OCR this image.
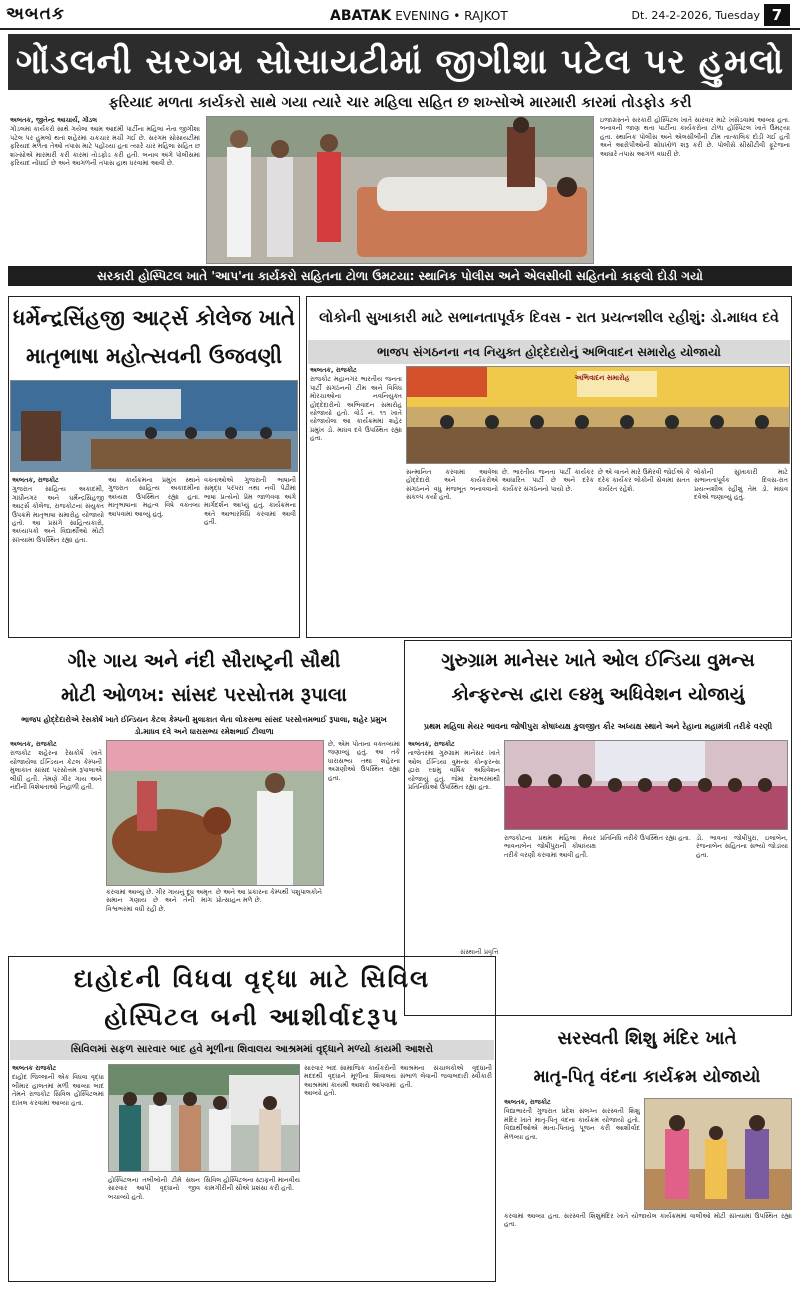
અબતક	ABATAK EVENING • RAJKOT	Dt. 24-2-2026, Tuesday 7
ગોંડલની સરગમ સોસાયટીમાં જીગીશા પટેલ પર હુમલો
ફરિયાદ મળતા કાર્યકરો સાથે ગયા ત્યારે ચાર મહિલા સહિત છ શખ્સોએ મારમારી કારમાં તોડફોડ કરી
અબતક, જીતેન્દ્ર આચાર્ય, ગોંડલ
ગોંડલમાં કાર્યકરો સાથે ગયેલા આમ આદમી પાર્ટીના મહિલા નેતા જીગીશા પટેલ પર હુમલો થતાં શહેરમાં ચકચાર મચી ગઈ છે. સરગમ સોસાયટીમાં ફરિયાદ મળતા તેઓ તપાસ માટે પહોંચ્યા હતા ત્યારે ચાર મહિલા સહિત છ શખ્સોએ મારમારી કરી કારમાં તોડફોડ કરી હતી. બનાવ અંગે પોલીસમાં ફરિયાદ નોંધાઈ છે અને આગળની તપાસ હાથ ધરવામાં આવી છે.
ઇજાગ્રસ્તને સરકારી હોસ્પિટલ ખાતે સારવાર માટે ખસેડવામાં આવ્યા હતા. બનાવની જાણ થતા પાર્ટીના કાર્યકરોના ટોળા હોસ્પિટલ ખાતે ઉમટ્યા હતા. સ્થાનિક પોલીસ અને એલસીબીની ટીમ તાત્કાલિક દોડી ગઈ હતી અને આરોપીઓની શોધખોળ શરૂ કરી છે. પોલીસે સીસીટીવી ફૂટેજના આધારે તપાસ આગળ વધારી છે.
સરકારી હોસ્પિટલ ખાતે 'આપ'ના કાર્યકરો સહિતના ટોળા ઉમટયા: સ્થાનિક પોલીસ અને એલસીબી સહિતનો કાફલો દોડી ગયો
ધર્મેન્દ્રસિંહજી આર્ટ્સ કોલેજ ખાતે
માતૃભાષા મહોત્સવની ઉજવણી
અબતક, રાજકોટ
ગુજરાત સાહિત્ય અકાદમી, ગાંધીનગર અને ધર્મેન્દ્રસિંહજી આર્ટ્સ કોલેજ, રાજકોટના સંયુક્ત ઉપક્રમે માતૃભાષા સમારોહ યોજાયો હતો. આ પ્રસંગે સાહિત્યકારો, અધ્યાપકો અને વિદ્યાર્થીઓ મોટી સંખ્યામાં ઉપસ્થિત રહ્યા હતા.
આ કાર્યક્રમના પ્રમુખ સ્થાને ગુજરાત સાહિત્ય અકાદમીના અધ્યક્ષ ઉપસ્થિત રહ્યા હતા. માતૃભાષાના મહત્વ વિષે વક્તવ્ય આપવામાં આવ્યું હતું.
વક્તાઓએ ગુજરાતી ભાષાની સમૃદ્ધ પરંપરા તથા નવી પેઢીમાં ભાષા પ્રત્યેનો પ્રેમ જાળવવા અંગે માર્ગદર્શન આપ્યું હતું. કાર્યક્રમના અંતે આભારવિધિ કરવામાં આવી હતી.
લોકોની સુખાકારી માટે સભાનતાપૂર્વક દિવસ - રાત પ્રયત્નશીલ રહીશું: ડો.માધવ દવે
ભાજપ સંગઠનના નવ નિયુક્ત હોદ્દેદારોનું અભિવાદન સમારોહ યોજાયો
અબતક, રાજકોટ
રાજકોટ મહાનગર ભારતીય જનતા પાર્ટી સંગઠનની ટીમ અને વિવિધ મોરચાઓના નવનિયુક્ત હોદ્દેદારોનો અભિવાદન સમારોહ યોજાયો હતો. વોર્ડ નં. ૧૧ ખાતે યોજાયેલા આ કાર્યક્રમમાં શહેર પ્રમુખ ડો. માધવ દવે ઉપસ્થિત રહ્યા હતા.
અભિવાદન સમારોહ
સન્માનિત કરવામાં આવેલા હોદ્દેદારો અને કાર્યકરોએ સંગઠનને વધુ મજબૂત બનાવવાનો સંકલ્પ કર્યો હતો.
છે. ભારતીય જનતા પાર્ટી કાર્યકર આધારિત પાર્ટી છે અને દરેક કાર્યકર સંગઠનનો પાયો છે.
છે એ વાતને મારે ઉમેરવી જોઈએ કે દરેક કાર્યકર લોકોની સેવામાં સતત કાર્યરત રહેશે.
લોકોની સુખાકારી માટે સભાનતાપૂર્વક દિવસ-રાત પ્રયત્નશીલ રહીશું તેમ ડો. માધવ દવેએ જણાવ્યું હતું.
ગીર ગાય અને નંદી સૌરાષ્ટ્રની સૌથી
મોટી ઓળખ: સાંસદ પરસોત્તમ રૂપાલા
ભાજપ હોદ્દેદારોએ રેસકોર્ષ ખાતે ઈન્ડિયન કેટલ કેમ્પની મુલાકાત લેતા લોકસભા સાંસદ પરસોત્તમભાઈ રૂપાલા, શહેર પ્રમુખ ડો.માધવ દવે અને ધારાસભ્ય રમેશભાઈ ટીલાળા
અબતક, રાજકોટ
રાજકોટ શહેરના રેસકોર્ષ ખાતે યોજાયેલા ઈન્ડિયન કેટલ કેમ્પની મુલાકાત સાંસદ પરસોત્તમ રૂપાલાએ લીધી હતી. તેમણે ગીર ગાય અને નંદીની વિશેષતાઓ નિહાળી હતી.
છે, એમ પોતાના વક્તવ્યમાં જણાવ્યું હતું. આ તકે ધારાસભ્ય તથા શહેરના અગ્રણીઓ ઉપસ્થિત રહ્યા હતા.
કરવામાં આવ્યું છે. ગીર ગાયનું દૂધ અમૃત સમાન ગણાય છે અને તેની માંગ વિશ્વભરમાં વધી રહી છે.
છે અને આ પ્રકારના કેમ્પથી પશુપાલકોને પ્રોત્સાહન મળે છે.
ગુરુગ્રામ માનેસર ખાતે ઓલ ઈન્ડિયા વુમન્સ
કોન્ફરન્સ દ્વારા ૯૪મુ અધિવેશન યોજાયું
પ્રથમ મહિલા મેયર ભાવના જોષીપુરા કોષાધ્યક્ષ કુલજીત કૌર અધ્યક્ષ સ્થાને અને રેહાના મહામંત્રી તરીકે વરણી
અબતક, રાજકોટ
તાજેતરમાં ગુરુગ્રામ માનેસર ખાતે ઓલ ઈન્ડિયા વુમન્સ કોન્ફરન્સ દ્વારા ૯૪મુ વાર્ષિક અધિવેશન યોજાયું હતું. જેમાં દેશભરમાંથી પ્રતિનિધિઓ ઉપસ્થિત રહ્યા હતા.
રાજકોટના પ્રથમ મહિલા મેયર ભાવનાબેન જોષીપુરાની કોષાધ્યક્ષ તરીકે વરણી કરવામાં આવી હતી.
પ્રતિનિધિ તરીકે ઉપસ્થિત રહ્યા હતા. ડો. ભાવના જોષીપુરા, ઇલાબેન, રંજનાબેન સહિતના સભ્યો જોડાયા હતા.
સંસ્થાની પ્રવૃત્તિ
દાહોદની વિધવા વૃદ્ધા માટે સિવિલ
હોસ્પિટલ બની આશીર્વાદરૂપ
સિવિલમાં સફળ સારવાર બાદ હવે મૂળીના શિવાલય આશ્રમમાં વૃદ્ધાને મળ્યો કાયમી આશરો
અબતક રાજકોટ
દાહોદ જિલ્લાની એક વિધવા વૃદ્ધા બીમાર હાલતમાં મળી આવ્યા બાદ તેમને રાજકોટ સિવિલ હોસ્પિટલમાં દાખલ કરવામાં આવ્યા હતા.
સારવાર બાદ સામાજિક કાર્યકરોની મદદથી વૃદ્ધાને મૂળીના શિવાલય આશ્રમમાં કાયમી આશરો આપવામાં આવ્યો હતો.
આશ્રમના સંચાલકોએ વૃદ્ધાની સંભાળ લેવાની જવાબદારી સ્વીકારી હતી.
હોસ્પિટલના તબીબોની ટીમે સઘન સારવાર આપી વૃદ્ધાનો જીવ બચાવ્યો હતો.
સિવિલ હોસ્પિટલના સ્ટાફની માનવીય કામગીરીની સૌએ પ્રશંસા કરી હતી.
સરસ્વતી શિશુ મંદિર ખાતે
માતૃ-પિતૃ વંદના કાર્યક્રમ યોજાયો
અબતક, રાજકોટ
વિદ્યાભારતી ગુજરાત પ્રદેશ સંલગ્ન સરસ્વતી શિશુ મંદિર ખાતે માતૃ-પિતૃ વંદના કાર્યક્રમ યોજાયો હતો. વિદ્યાર્થીઓએ માતા-પિતાનું પૂજન કરી આશીર્વાદ મેળવ્યા હતા.
કરવામાં આવ્યા હતા. સરસ્વતી શિશુમંદિર ખાતે યોજાયેલ કાર્યક્રમમાં વાલીઓ મોટી સંખ્યામાં ઉપસ્થિત રહ્યા હતા.
